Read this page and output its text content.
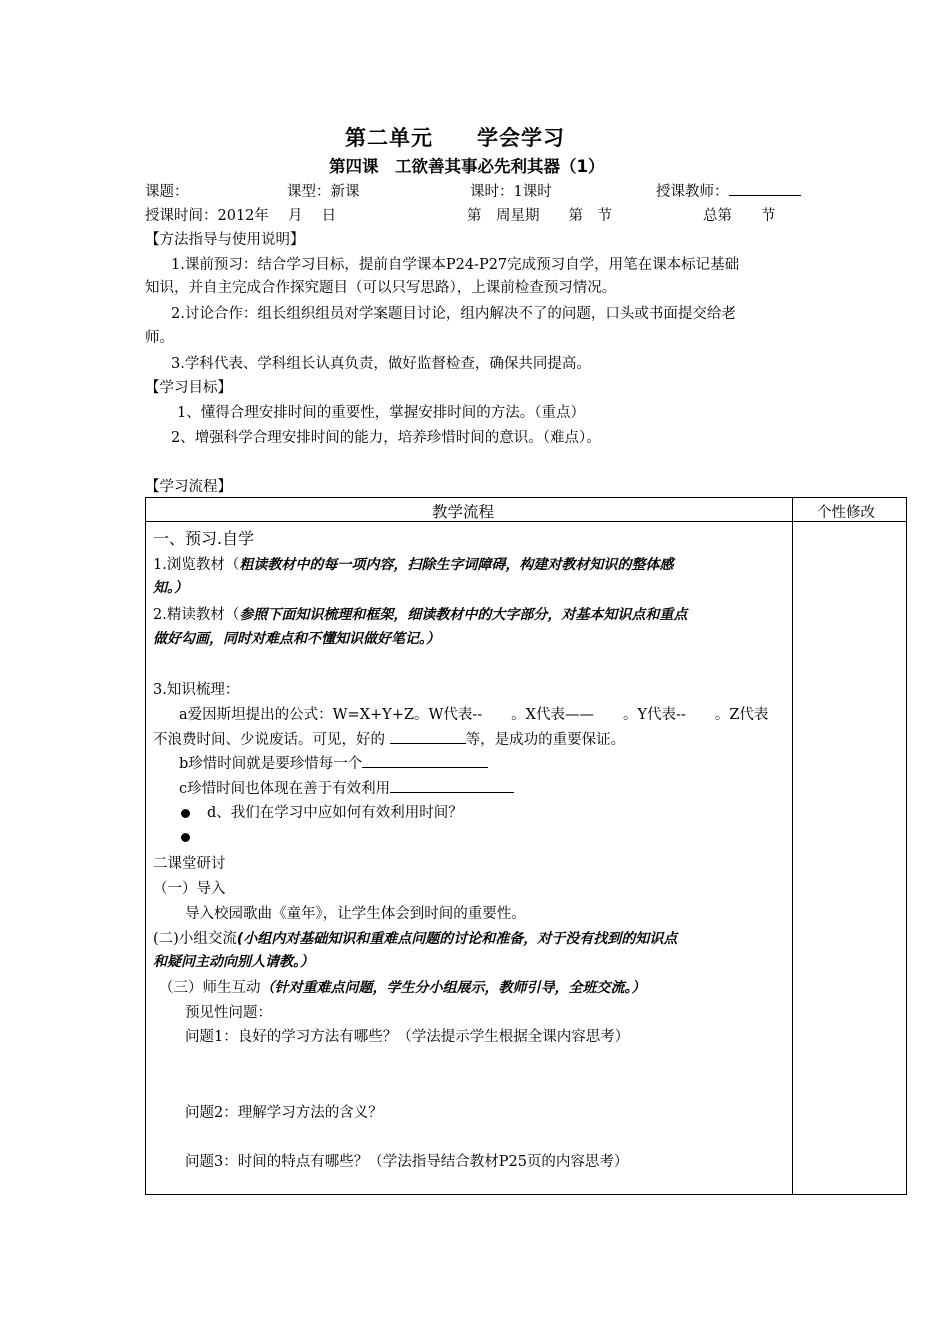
第二单元　　学会学习
第四课　工欲善其事必先利其器（1）
课题：	课型：新课	课时：1课时	授课教师：
授课时间：2012年　 月　 日	第　周星期　　第　节	总第　　节
【方法指导与使用说明】
1.课前预习：结合学习目标，提前自学课本P24-P27完成预习自学，用笔在课本标记基础
知识，并自主完成合作探究题目（可以只写思路），上课前检查预习情况。
2.讨论合作：组长组织组员对学案题目讨论，组内解决不了的问题，口头或书面提交给老
师。
3.学科代表、学科组长认真负责，做好监督检查，确保共同提高。
【学习目标】
1、懂得合理安排时间的重要性，掌握安排时间的方法。（重点）
2、增强科学合理安排时间的能力，培养珍惜时间的意识。（难点）。
【学习流程】
教学流程	个性修改
一、预习.自学
1.浏览教材（粗读教材中的每一项内容，扫除生字词障碍，构建对教材知识的整体感
知。）
2.精读教材（参照下面知识梳理和框架，细读教材中的大字部分，对基本知识点和重点
做好勾画，同时对难点和不懂知识做好笔记。）
3.知识梳理：
a爱因斯坦提出的公式：W=X+Y+Z。W代表--　　。X代表——　　。Y代表--　　。Z代表
不浪费时间、少说废话。可见，好的	等，是成功的重要保证。
b珍惜时间就是要珍惜每一个
c珍惜时间也体现在善于有效利用
d、我们在学习中应如何有效利用时间？
二课堂研讨
（一）导入
导入校园歌曲《童年》，让学生体会到时间的重要性。
(二)小组交流(小组内对基础知识和重难点问题的讨论和准备，对于没有找到的知识点
和疑问主动向别人请教。）
（三）师生互动（针对重难点问题，学生分小组展示，教师引导，全班交流。）
预见性问题：
问题1：良好的学习方法有哪些？（学法提示学生根据全课内容思考）
问题2：理解学习方法的含义？
问题3：时间的特点有哪些？（学法指导结合教材P25页的内容思考）
